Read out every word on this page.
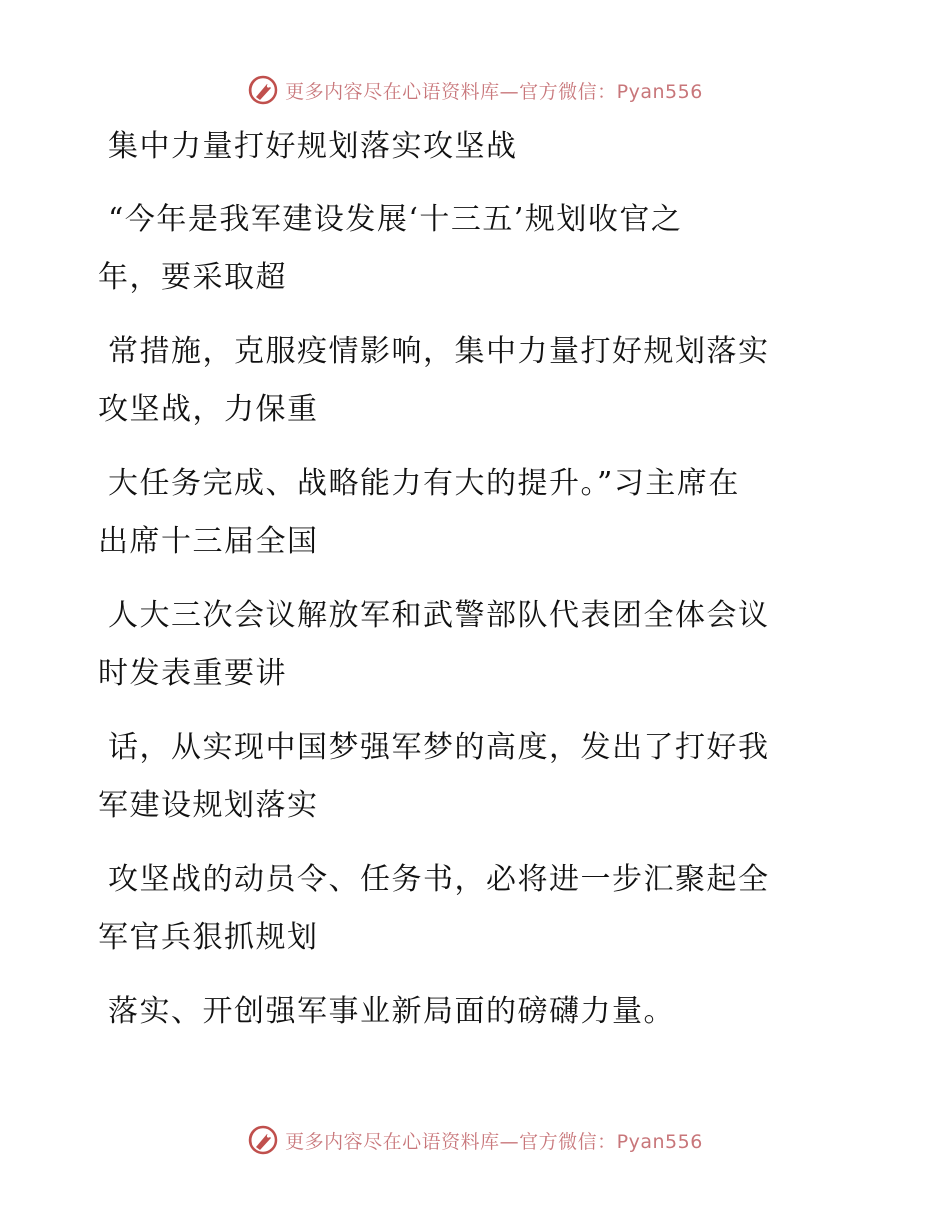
更多内容尽在心语资料库—官方微信：Pyan556
集中力量打好规划落实攻坚战
“今年是我军建设发展‘十三五’规划收官之
年，要采取超
常措施，克服疫情影响，集中力量打好规划落实
攻坚战，力保重
大任务完成、战略能力有大的提升。”习主席在
出席十三届全国
人大三次会议解放军和武警部队代表团全体会议
时发表重要讲
话，从实现中国梦强军梦的高度，发出了打好我
军建设规划落实
攻坚战的动员令、任务书，必将进一步汇聚起全
军官兵狠抓规划
落实、开创强军事业新局面的磅礴力量。
更多内容尽在心语资料库—官方微信：Pyan556
